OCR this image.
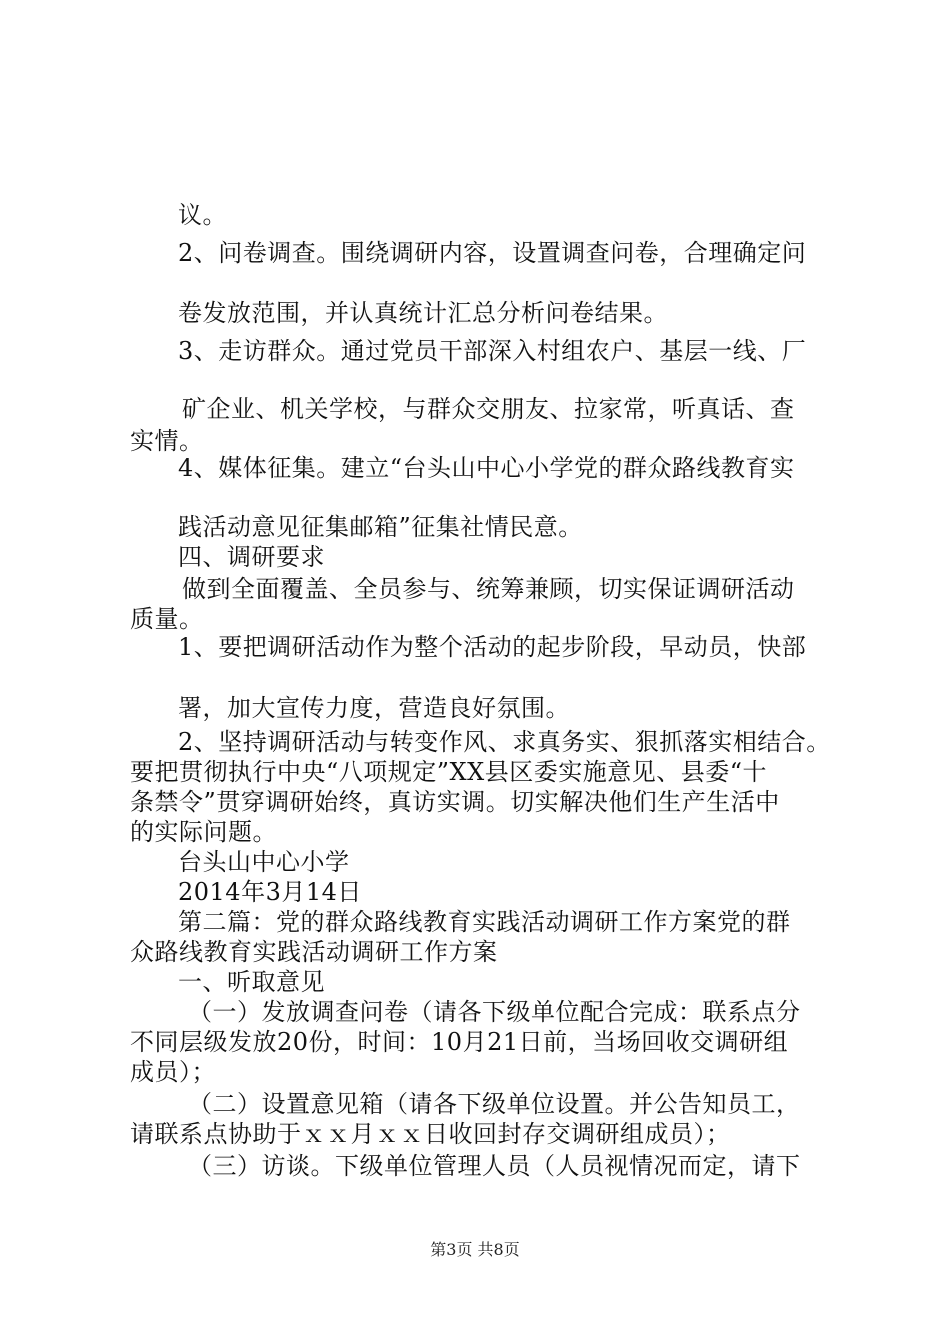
议。
2、问卷调查。围绕调研内容，设置调查问卷，合理确定问
卷发放范围，并认真统计汇总分析问卷结果。
3、走访群众。通过党员干部深入村组农户、基层一线、厂
矿企业、机关学校，与群众交朋友、拉家常，听真话、查
实情。
4、媒体征集。建立“台头山中心小学党的群众路线教育实
践活动意见征集邮箱”征集社情民意。
四、调研要求
做到全面覆盖、全员参与、统筹兼顾，切实保证调研活动
质量。
1、要把调研活动作为整个活动的起步阶段，早动员，快部
署，加大宣传力度，营造良好氛围。
2、坚持调研活动与转变作风、求真务实、狠抓落实相结合。
要把贯彻执行中央“八项规定”XX县区委实施意见、县委“十
条禁令”贯穿调研始终，真访实调。切实解决他们生产生活中
的实际问题。
台头山中心小学
2014年3月14日
第二篇：党的群众路线教育实践活动调研工作方案党的群
众路线教育实践活动调研工作方案
一、听取意见
（一）发放调查问卷（请各下级单位配合完成：联系点分
不同层级发放20份，时间：10月21日前，当场回收交调研组
成员）；
（二）设置意见箱（请各下级单位设置。并公告知员工，
请联系点协助于ｘｘ月ｘｘ日收回封存交调研组成员）；
（三）访谈。下级单位管理人员（人员视情况而定，请下
第3页 共8页
